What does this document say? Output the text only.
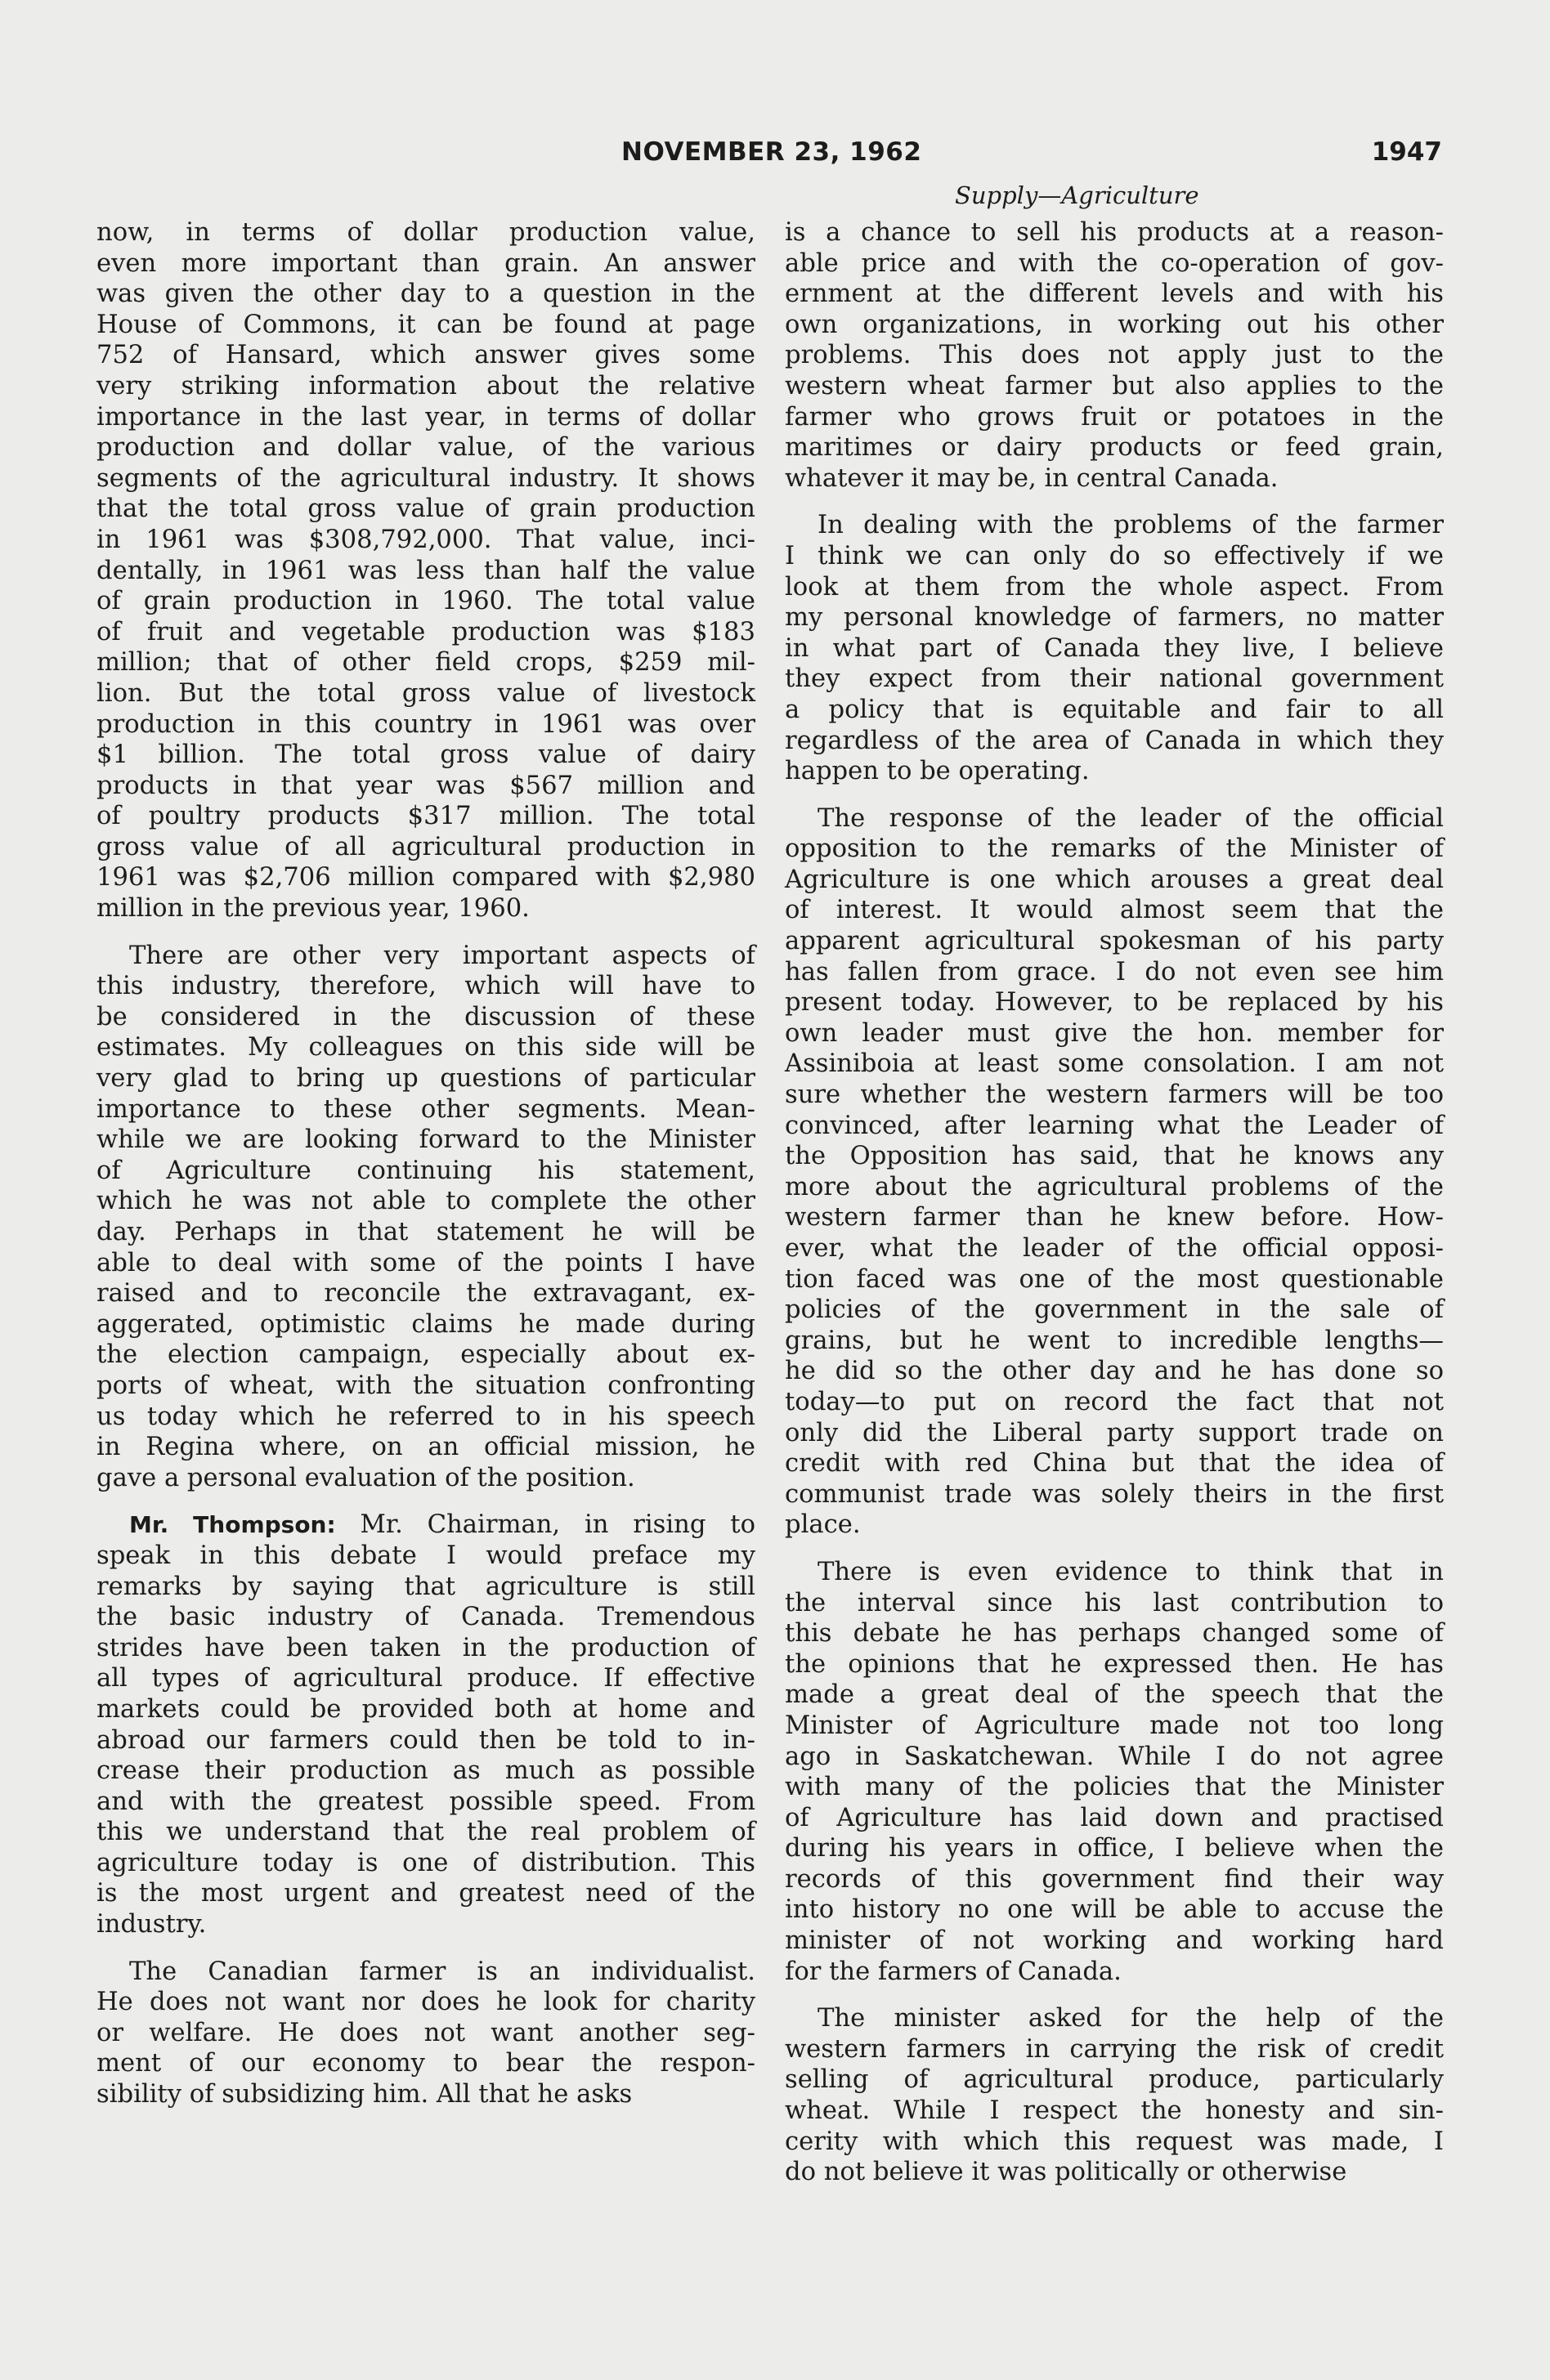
NOVEMBER 23, 1962	1947
Supply—Agriculture
now, in terms of dollar production value,
even more important than grain. An answer
was given the other day to a question in the
House of Commons, it can be found at page
752 of Hansard, which answer gives some
very striking information about the relative
importance in the last year, in terms of dollar
production and dollar value, of the various
segments of the agricultural industry. It shows
that the total gross value of grain production
in 1961 was $308,792,000. That value, inci-
dentally, in 1961 was less than half the value
of grain production in 1960. The total value
of fruit and vegetable production was $183
million; that of other field crops, $259 mil-
lion. But the total gross value of livestock
production in this country in 1961 was over
$1 billion. The total gross value of dairy
products in that year was $567 million and
of poultry products $317 million. The total
gross value of all agricultural production in
1961 was $2,706 million compared with $2,980
million in the previous year, 1960.
There are other very important aspects of
this industry, therefore, which will have to
be considered in the discussion of these
estimates. My colleagues on this side will be
very glad to bring up questions of particular
importance to these other segments. Mean-
while we are looking forward to the Minister
of Agriculture continuing his statement,
which he was not able to complete the other
day. Perhaps in that statement he will be
able to deal with some of the points I have
raised and to reconcile the extravagant, ex-
aggerated, optimistic claims he made during
the election campaign, especially about ex-
ports of wheat, with the situation confronting
us today which he referred to in his speech
in Regina where, on an official mission, he
gave a personal evaluation of the position.
Mr. Thompson: Mr. Chairman, in rising to
speak in this debate I would preface my
remarks by saying that agriculture is still
the basic industry of Canada. Tremendous
strides have been taken in the production of
all types of agricultural produce. If effective
markets could be provided both at home and
abroad our farmers could then be told to in-
crease their production as much as possible
and with the greatest possible speed. From
this we understand that the real problem of
agriculture today is one of distribution. This
is the most urgent and greatest need of the
industry.
The Canadian farmer is an individualist.
He does not want nor does he look for charity
or welfare. He does not want another seg-
ment of our economy to bear the respon-
sibility of subsidizing him. All that he asks
is a chance to sell his products at a reason-
able price and with the co-operation of gov-
ernment at the different levels and with his
own organizations, in working out his other
problems. This does not apply just to the
western wheat farmer but also applies to the
farmer who grows fruit or potatoes in the
maritimes or dairy products or feed grain,
whatever it may be, in central Canada.
In dealing with the problems of the farmer
I think we can only do so effectively if we
look at them from the whole aspect. From
my personal knowledge of farmers, no matter
in what part of Canada they live, I believe
they expect from their national government
a policy that is equitable and fair to all
regardless of the area of Canada in which they
happen to be operating.
The response of the leader of the official
opposition to the remarks of the Minister of
Agriculture is one which arouses a great deal
of interest. It would almost seem that the
apparent agricultural spokesman of his party
has fallen from grace. I do not even see him
present today. However, to be replaced by his
own leader must give the hon. member for
Assiniboia at least some consolation. I am not
sure whether the western farmers will be too
convinced, after learning what the Leader of
the Opposition has said, that he knows any
more about the agricultural problems of the
western farmer than he knew before. How-
ever, what the leader of the official opposi-
tion faced was one of the most questionable
policies of the government in the sale of
grains, but he went to incredible lengths—
he did so the other day and he has done so
today—to put on record the fact that not
only did the Liberal party support trade on
credit with red China but that the idea of
communist trade was solely theirs in the first
place.
There is even evidence to think that in
the interval since his last contribution to
this debate he has perhaps changed some of
the opinions that he expressed then. He has
made a great deal of the speech that the
Minister of Agriculture made not too long
ago in Saskatchewan. While I do not agree
with many of the policies that the Minister
of Agriculture has laid down and practised
during his years in office, I believe when the
records of this government find their way
into history no one will be able to accuse the
minister of not working and working hard
for the farmers of Canada.
The minister asked for the help of the
western farmers in carrying the risk of credit
selling of agricultural produce, particularly
wheat. While I respect the honesty and sin-
cerity with which this request was made, I
do not believe it was politically or otherwise
